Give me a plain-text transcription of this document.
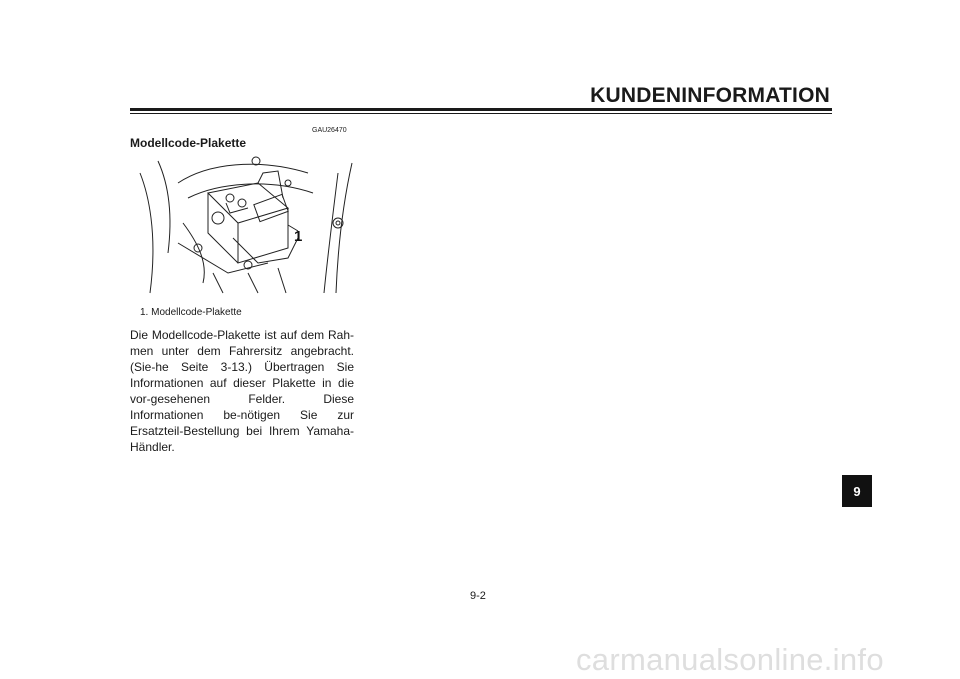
KUNDENINFORMATION
GAU26470
Modellcode-Plakette
1
1. Modellcode-Plakette

Die Modellcode-Plakette ist auf dem Rah-men unter dem Fahrersitz angebracht. (Sie-he Seite 3-13.) Übertragen Sie Informationen auf dieser Plakette in die vor-gesehenen Felder. Diese Informationen be-nötigen Sie zur Ersatzteil-Bestellung bei Ihrem Yamaha-Händler.

9
9-2
carmanualsonline.info
